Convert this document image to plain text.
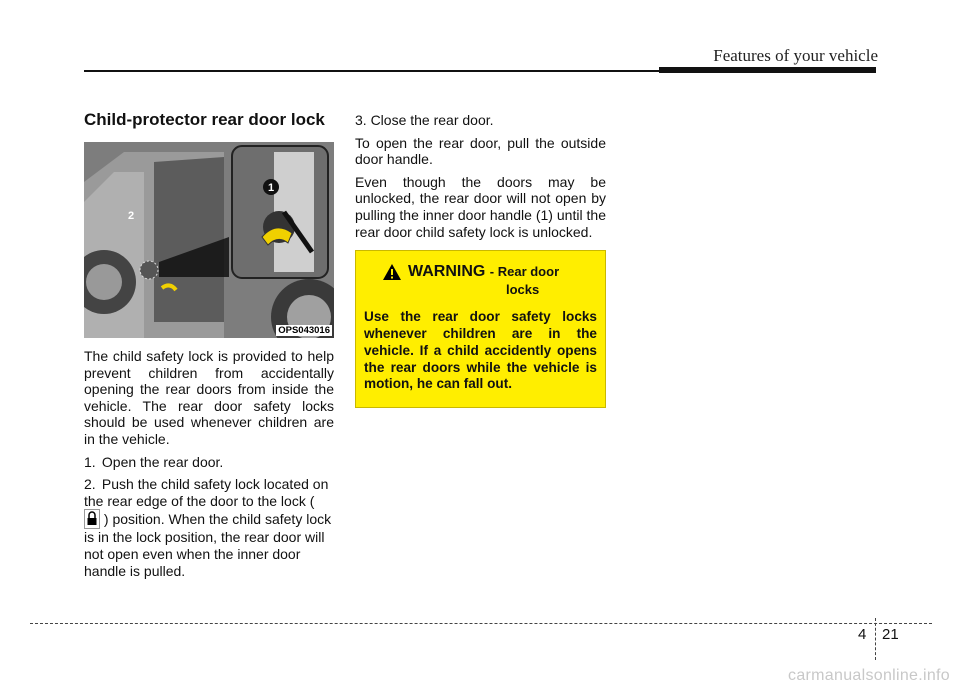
Features of your vehicle
Child-protector rear door lock
1
2
OPS043016

The child safety lock is provided to help prevent children from accidentally opening the rear doors from inside the vehicle. The rear door safety locks should be used whenever children are in the vehicle.

1. Open the rear door.
2. Push the child safety lock located on the rear edge of the door to the lock (  ) position. When the child safety lock is in the lock position, the rear door will not open even when the inner door handle is pulled.

3. Close the rear door.

To open the rear door, pull the outside door handle.

Even though the doors may be unlocked, the rear door will not open by pulling the inner door handle (1) until the rear door child safety lock is unlocked.

WARNING - Rear door
locks
Use the rear door safety locks whenever children are in the vehicle. If a child accidently opens the rear doors while the vehicle is motion, he can fall out.
4 21
carmanualsonline.info
